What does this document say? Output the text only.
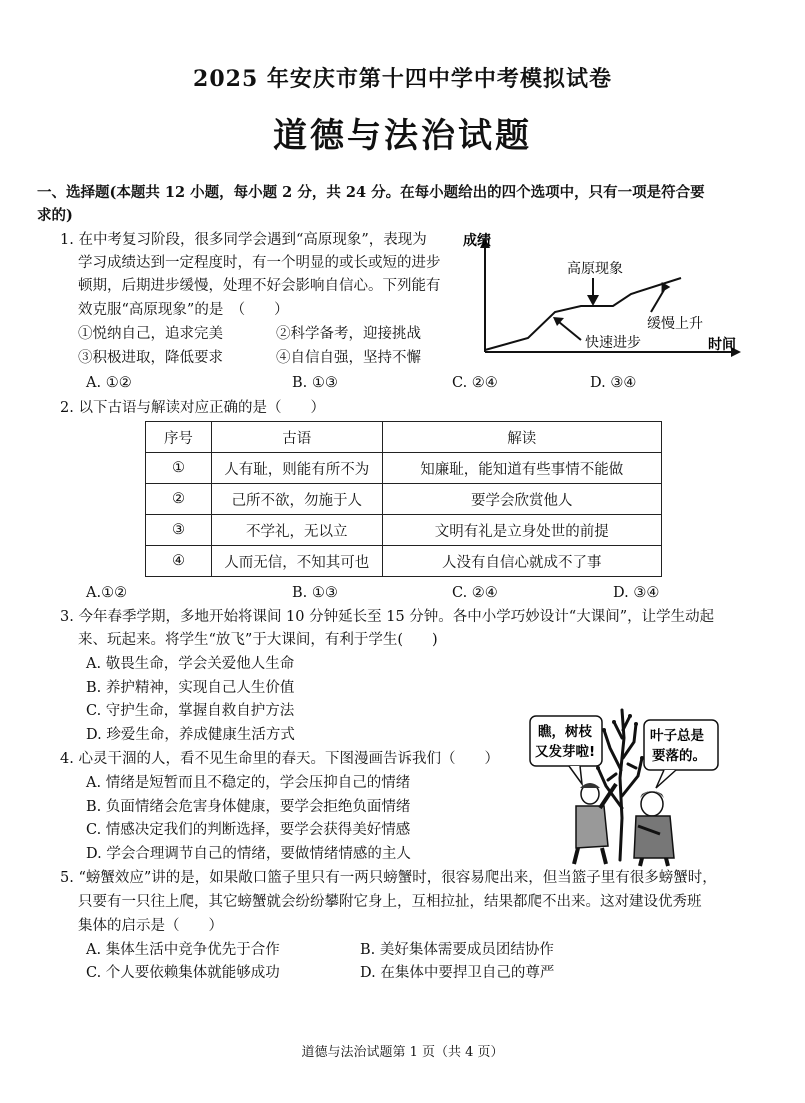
2025 年安庆市第十四中学中考模拟试卷
道德与法治试题
一、选择题(本题共 12 小题，每小题 2 分，共 24 分。在每小题给出的四个选项中，只有一项是符合要
求的)
1. 在中考复习阶段，很多同学会遇到“高原现象”，表现为
学习成绩达到一定程度时，有一个明显的或长或短的进步
顿期，后期进步缓慢，处理不好会影响自信心。下列能有
效克服“高原现象”的是　（　　）
①悦纳自己，追求完美	②科学备考，迎接挑战
③积极进取，降低要求	④自信自强，坚持不懈
A. ①②	B. ①③	C. ②④	D. ③④
成绩
时间
高原现象
缓慢上升
快速进步
2. 以下古语与解读对应正确的是（　　）
序号	古语	解读
①	人有耻，则能有所不为	知廉耻，能知道有些事情不能做
②	己所不欲，勿施于人	要学会欣赏他人
③	不学礼，无以立	文明有礼是立身处世的前提
④	人而无信，不知其可也	人没有自信心就成不了事
A.①②	B. ①③	C. ②④	D. ③④
3. 今年春季学期，多地开始将课间 10 分钟延长至 15 分钟。各中小学巧妙设计“大课间”，让学生动起
来、玩起来。将学生“放飞”于大课间，有利于学生(　　)
A. 敬畏生命，学会关爱他人生命
B. 养护精神，实现自己人生价值
C. 守护生命，掌握自救自护方法
D. 珍爱生命，养成健康生活方式
4. 心灵干涸的人，看不见生命里的春天。下图漫画告诉我们（　　）
A. 情绪是短暂而且不稳定的，学会压抑自己的情绪
B. 负面情绪会危害身体健康，要学会拒绝负面情绪
C. 情感决定我们的判断选择，要学会获得美好情感
D. 学会合理调节自己的情绪，要做情绪情感的主人
瞧，树枝
又发芽啦!
叶子总是
要落的。
5. “螃蟹效应”讲的是，如果敞口篮子里只有一两只螃蟹时，很容易爬出来，但当篮子里有很多螃蟹时，
只要有一只往上爬，其它螃蟹就会纷纷攀附它身上，互相拉扯，结果都爬不出来。这对建设优秀班
集体的启示是（　　）
A. 集体生活中竞争优先于合作	B. 美好集体需要成员团结协作
C. 个人要依赖集体就能够成功	D. 在集体中要捍卫自己的尊严
道德与法治试题第 1 页（共 4 页）
